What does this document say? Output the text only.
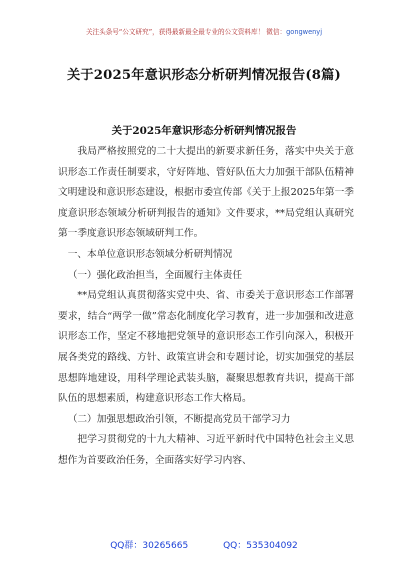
关注头条号“公文研究”，获得最新最全最专业的公文资料库！ 微信：gongwenyj
关于2025年意识形态分析研判情况报告(8篇)
关于2025年意识形态分析研判情况报告

我局严格按照党的二十大提出的新要求新任务，落实中央关于意识形态工作责任制要求，守好阵地、管好队伍大力加强干部队伍精神文明建设和意识形态建设，根据市委宣传部《关于上报2025年第一季度意识形态领域分析研判报告的通知》文件要求，**局党组认真研究第一季度意识形态领域研判工作。

一、本单位意识形态领域分析研判情况

（一）强化政治担当，全面履行主体责任

**局党组认真贯彻落实党中央、省、市委关于意识形态工作部署要求，结合“两学一做”常态化制度化学习教育，进一步加强和改进意识形态工作，坚定不移地把党领导的意识形态工作引向深入，积极开展各类党的路线、方针、政策宣讲会和专题讨论，切实加强党的基层思想阵地建设，用科学理论武装头脑，凝聚思想教育共识，提高干部队伍的思想素质，构建意识形态工作大格局。

（二）加强思想政治引领，不断提高党员干部学习力

把学习贯彻党的十九大精神、习近平新时代中国特色社会主义思想作为首要政治任务，全面落实好学习内容、

QQ群：30265665	QQ：535304092
